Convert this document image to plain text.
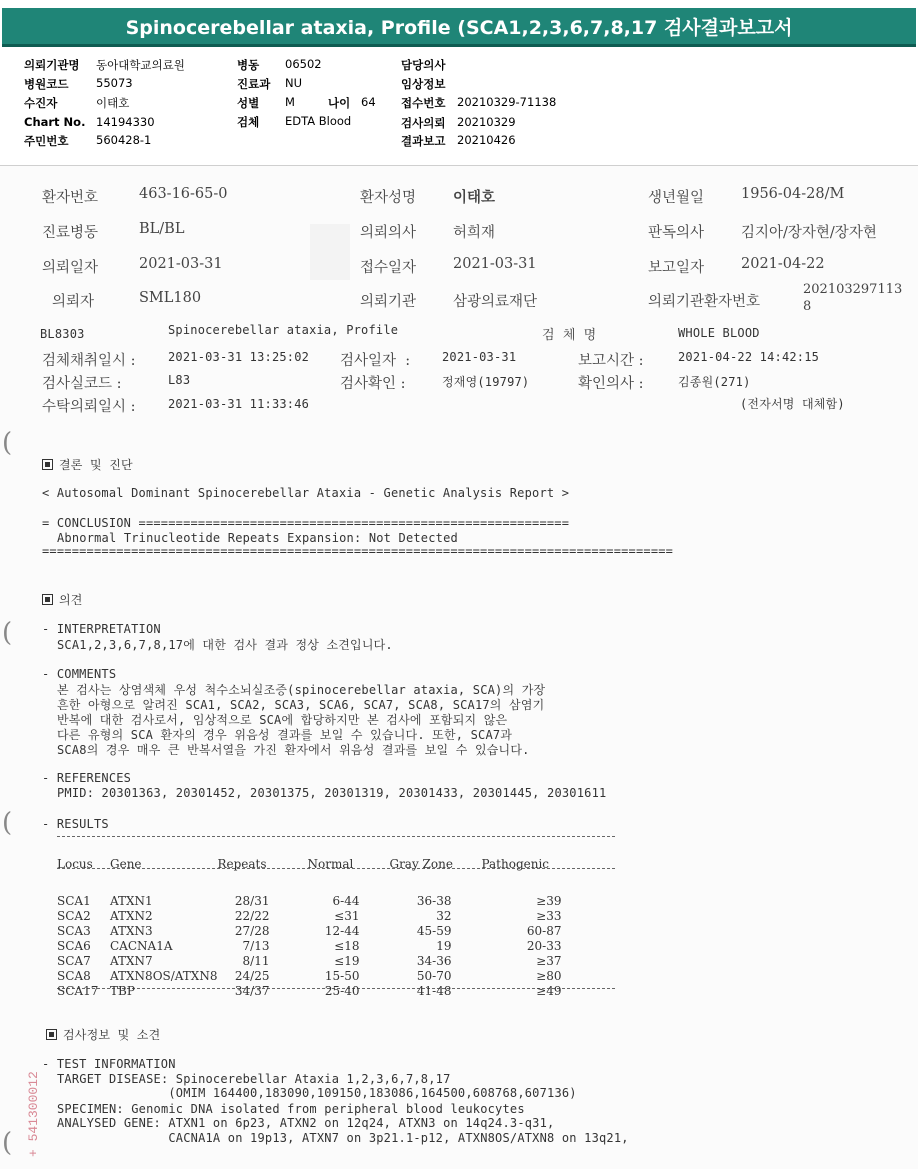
Spinocerebellar ataxia, Profile (SCA1,2,3,6,7,8,17 검사결과보고서
의뢰기관명 동아대학교의료원
병원코드 55073
수진자	이태호
Chart No. 14194330
주민번호 560428-1
병동 06502
진료과 NU
성별 M	나이 64
검체 EDTA Blood
담당의사
임상정보
접수번호 20210329-71138
검사의뢰 20210329
결과보고 20210426
환자번호	463-16-65-0	환자성명	이태호	생년월일	1956-04-28/M
진료병동	BL/BL	의뢰의사	허희재	판독의사	김지아/장자현/장자현
의뢰일자	2021-03-31	접수일자	2021-03-31	보고일자	2021-04-22
의뢰자	SML180	의뢰기관	삼광의료재단	의뢰기관환자번호
202103297113
8
BL8303	Spinocerebellar ataxia, Profile	검  체  명	WHOLE BLOOD
검체채취일시 :	2021-03-31 13:25:02 검사일자  :	2021-03-31	보고시간 :	2021-04-22 14:42:15
검사실코드 :	L83	검사확인 :	정재영(19797)	확인의사 :	김종원(271)
수탁의뢰일시 :	2021-03-31 11:33:46	(전자서명 대체함)
(
(
(
(
결론 및 진단
< Autosomal Dominant Spinocerebellar Ataxia - Genetic Analysis Report >
= CONCLUSION ==========================================================
Abnormal Trinucleotide Repeats Expansion: Not Detected
=====================================================================================
의견
- INTERPRETATION
SCA1,2,3,6,7,8,17에 대한 검사 결과 정상 소견입니다.
- COMMENTS
본 검사는 상염색체 우성 척수소뇌실조증(spinocerebellar ataxia, SCA)의 가장
흔한 아형으로 알려진 SCA1, SCA2, SCA3, SCA6, SCA7, SCA8, SCA17의 삼염기
반복에 대한 검사로서, 임상적으로 SCA에 합당하지만 본 검사에 포함되지 않은
다른 유형의 SCA 환자의 경우 위음성 결과를 보일 수 있습니다. 또한, SCA7과
SCA8의 경우 매우 큰 반복서열을 가진 환자에서 위음성 결과를 보일 수 있습니다.
- REFERENCES
PMID: 20301363, 20301452, 20301375, 20301319, 20301433, 20301445, 20301611
- RESULTS
Locus	Gene	Repeats	Normal	Gray Zone	Pathogenic

SCA1	ATXN1	28/31	6-44	36-38	≥39
SCA2	ATXN2	22/22	≤31	32	≥33
SCA3	ATXN3	27/28	12-44	45-59	60-87
SCA6	CACNA1A	7/13	≤18	19	20-33
SCA7	ATXN7	8/11	≤19	34-36	≥37
SCA8	ATXN8OS/ATXN8	24/25	15-50	50-70	≥80
SCA17	TBP	34/37	25-40	41-48	≥49
검사정보 및 소견
- TEST INFORMATION
TARGET DISEASE: Spinocerebellar Ataxia 1,2,3,6,7,8,17
(OMIM 164400,183090,109150,183086,164500,608768,607136)
SPECIMEN: Genomic DNA isolated from peripheral blood leukocytes
ANALYSED GENE: ATXN1 on 6p23, ATXN2 on 12q24, ATXN3 on 14q24.3-q31,
CACNA1A on 19p13, ATXN7 on 3p21.1-p12, ATXN8OS/ATXN8 on 13q21,
+ 541300012
